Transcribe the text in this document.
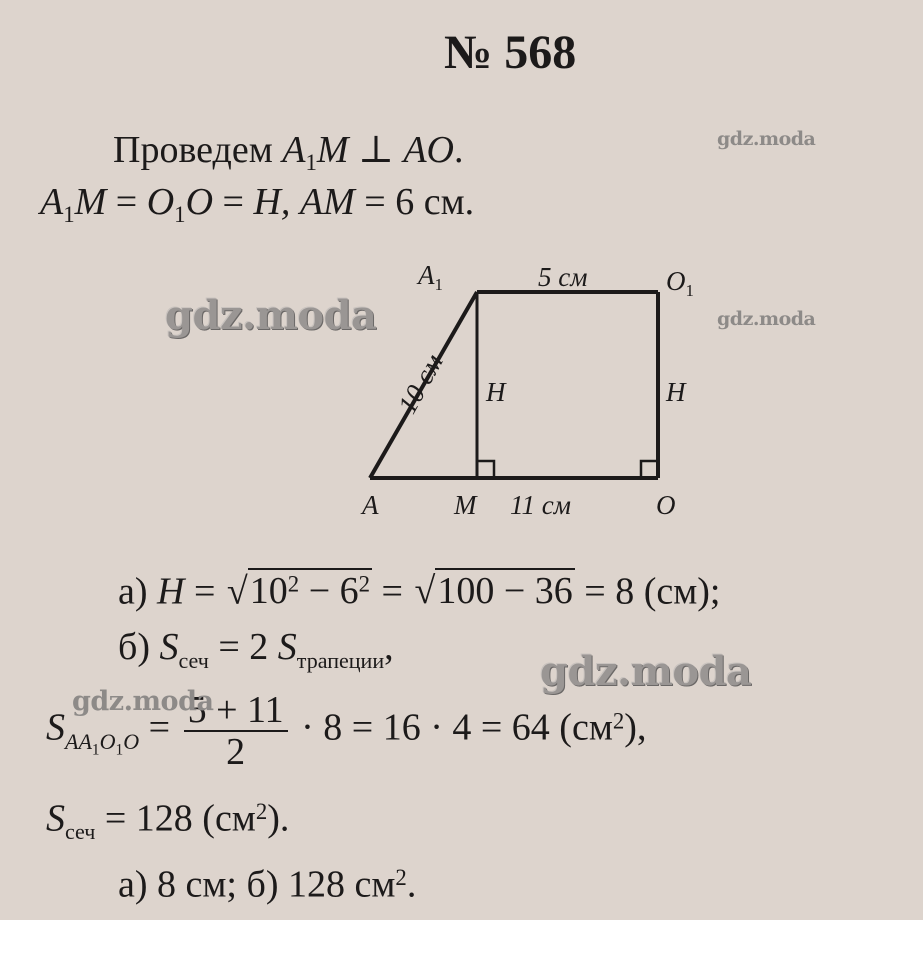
№ 568
Проведем $A_1M$ ⊥ AO.
$A_1M = O_1O = H$, AM = 6 см.
$A_1$	5 см	$O_1$
H	H
10 см
A	M 11 см	O
а) $H = √10^2 - 6^2 = √100 - 36 = 8$ (см);
б) $S_{сеч} = 2$ $S_{трапеции}$,
$S_{AA_1O_1O} = \frac{5 + 11}{2} \cdot 8 = 16 \cdot 4 = 64$ $(см^2)$,
$S_{сеч} = 128$ $(см^2)$.
а) 8 см; б) 128 $см^2$.
gdz.moda
gdz.moda
gdz.moda
gdz.moda
gdz.moda
